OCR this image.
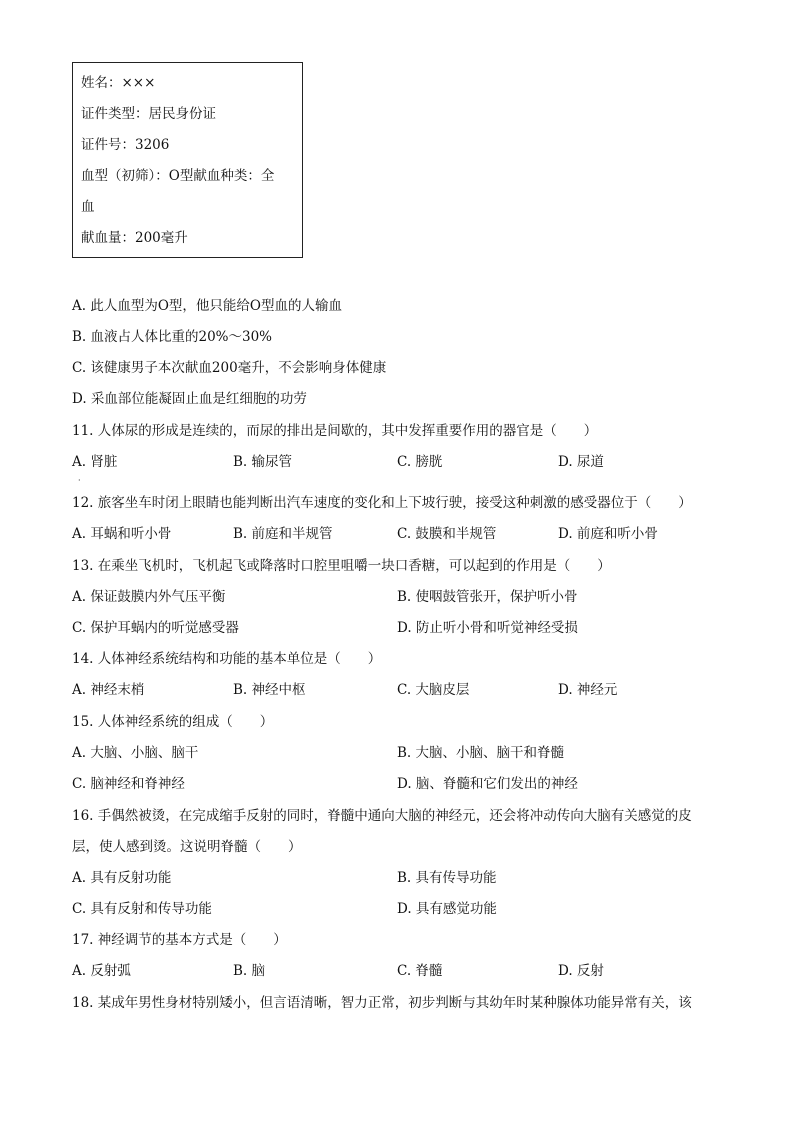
姓名：×××
证件类型：居民身份证
证件号：3206
血型（初筛）：O型献血种类：全
血
献血量：200毫升
A. 此人血型为O型，他只能给O型血的人输血
B. 血液占人体比重的20%～30%
C. 该健康男子本次献血200毫升，不会影响身体健康
D. 采血部位能凝固止血是红细胞的功劳
11. 人体尿的形成是连续的，而尿的排出是间歇的，其中发挥重要作用的器官是（　　）
A. 肾脏	B. 输尿管	C. 膀胱	D. 尿道
·
12. 旅客坐车时闭上眼睛也能判断出汽车速度的变化和上下坡行驶，接受这种刺激的感受器位于（　　）
A. 耳蜗和听小骨	B. 前庭和半规管	C. 鼓膜和半规管	D. 前庭和听小骨
13. 在乘坐飞机时，飞机起飞或降落时口腔里咀嚼一块口香糖，可以起到的作用是（　　）
A. 保证鼓膜内外气压平衡	B. 使咽鼓管张开，保护听小骨
C. 保护耳蜗内的听觉感受器	D. 防止听小骨和听觉神经受损
14. 人体神经系统结构和功能的基本单位是（　　）
A. 神经末梢	B. 神经中枢	C. 大脑皮层	D. 神经元
15. 人体神经系统的组成（　　）
A. 大脑、小脑、脑干	B. 大脑、小脑、脑干和脊髓
C. 脑神经和脊神经	D. 脑、脊髓和它们发出的神经
16. 手偶然被烫，在完成缩手反射的同时，脊髓中通向大脑的神经元，还会将冲动传向大脑有关感觉的皮
层，使人感到烫。这说明脊髓（　　）
A. 具有反射功能	B. 具有传导功能
C. 具有反射和传导功能	D. 具有感觉功能
17. 神经调节的基本方式是（　　）
A. 反射弧	B. 脑	C. 脊髓	D. 反射
18. 某成年男性身材特别矮小，但言语清晰，智力正常，初步判断与其幼年时某种腺体功能异常有关，该
